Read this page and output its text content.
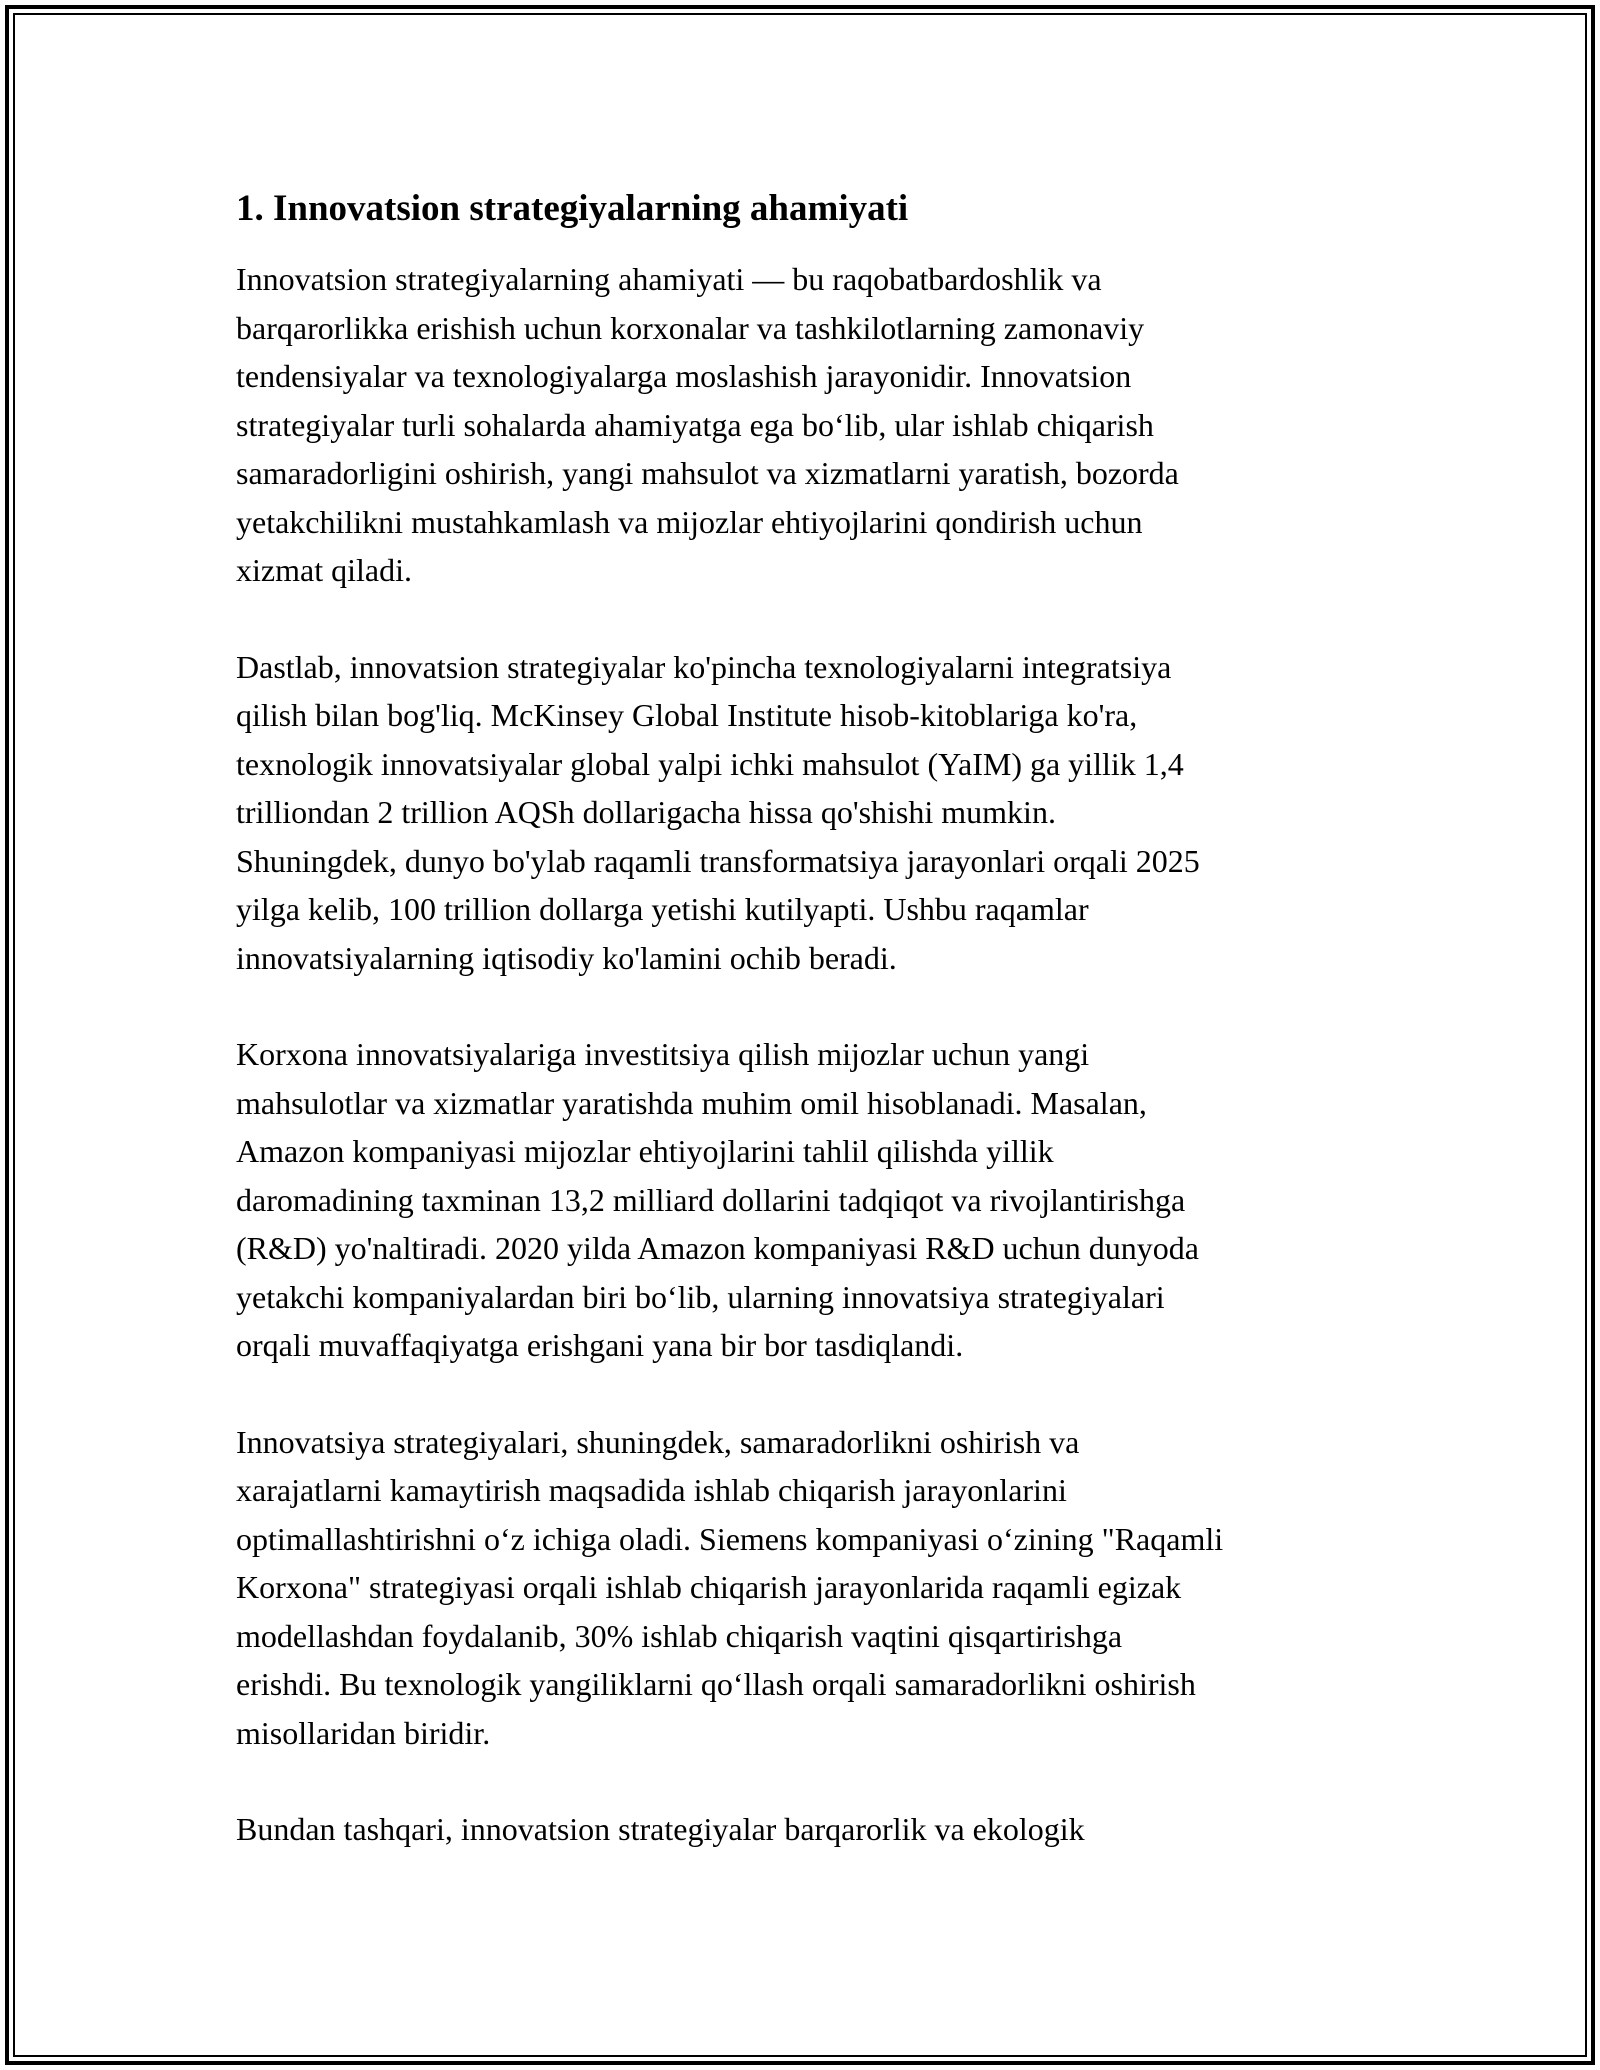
1. Innovatsion strategiyalarning ahamiyati

Innovatsion strategiyalarning ahamiyati — bu raqobatbardoshlik va
barqarorlikka erishish uchun korxonalar va tashkilotlarning zamonaviy
tendensiyalar va texnologiyalarga moslashish jarayonidir. Innovatsion
strategiyalar turli sohalarda ahamiyatga ega boʻlib, ular ishlab chiqarish
samaradorligini oshirish, yangi mahsulot va xizmatlarni yaratish, bozorda
yetakchilikni mustahkamlash va mijozlar ehtiyojlarini qondirish uchun
xizmat qiladi.

Dastlab, innovatsion strategiyalar ko'pincha texnologiyalarni integratsiya
qilish bilan bog'liq. McKinsey Global Institute hisob-kitoblariga ko'ra,
texnologik innovatsiyalar global yalpi ichki mahsulot (YaIM) ga yillik 1,4
trilliondan 2 trillion AQSh dollarigacha hissa qo'shishi mumkin.
Shuningdek, dunyo bo'ylab raqamli transformatsiya jarayonlari orqali 2025
yilga kelib, 100 trillion dollarga yetishi kutilyapti. Ushbu raqamlar
innovatsiyalarning iqtisodiy ko'lamini ochib beradi.

Korxona innovatsiyalariga investitsiya qilish mijozlar uchun yangi
mahsulotlar va xizmatlar yaratishda muhim omil hisoblanadi. Masalan,
Amazon kompaniyasi mijozlar ehtiyojlarini tahlil qilishda yillik
daromadining taxminan 13,2 milliard dollarini tadqiqot va rivojlantirishga
(R&D) yo'naltiradi. 2020 yilda Amazon kompaniyasi R&D uchun dunyoda
yetakchi kompaniyalardan biri boʻlib, ularning innovatsiya strategiyalari
orqali muvaffaqiyatga erishgani yana bir bor tasdiqlandi.

Innovatsiya strategiyalari, shuningdek, samaradorlikni oshirish va
xarajatlarni kamaytirish maqsadida ishlab chiqarish jarayonlarini
optimallashtirishni oʻz ichiga oladi. Siemens kompaniyasi oʻzining "Raqamli
Korxona" strategiyasi orqali ishlab chiqarish jarayonlarida raqamli egizak
modellashdan foydalanib, 30% ishlab chiqarish vaqtini qisqartirishga
erishdi. Bu texnologik yangiliklarni qoʻllash orqali samaradorlikni oshirish
misollaridan biridir.

Bundan tashqari, innovatsion strategiyalar barqarorlik va ekologik
